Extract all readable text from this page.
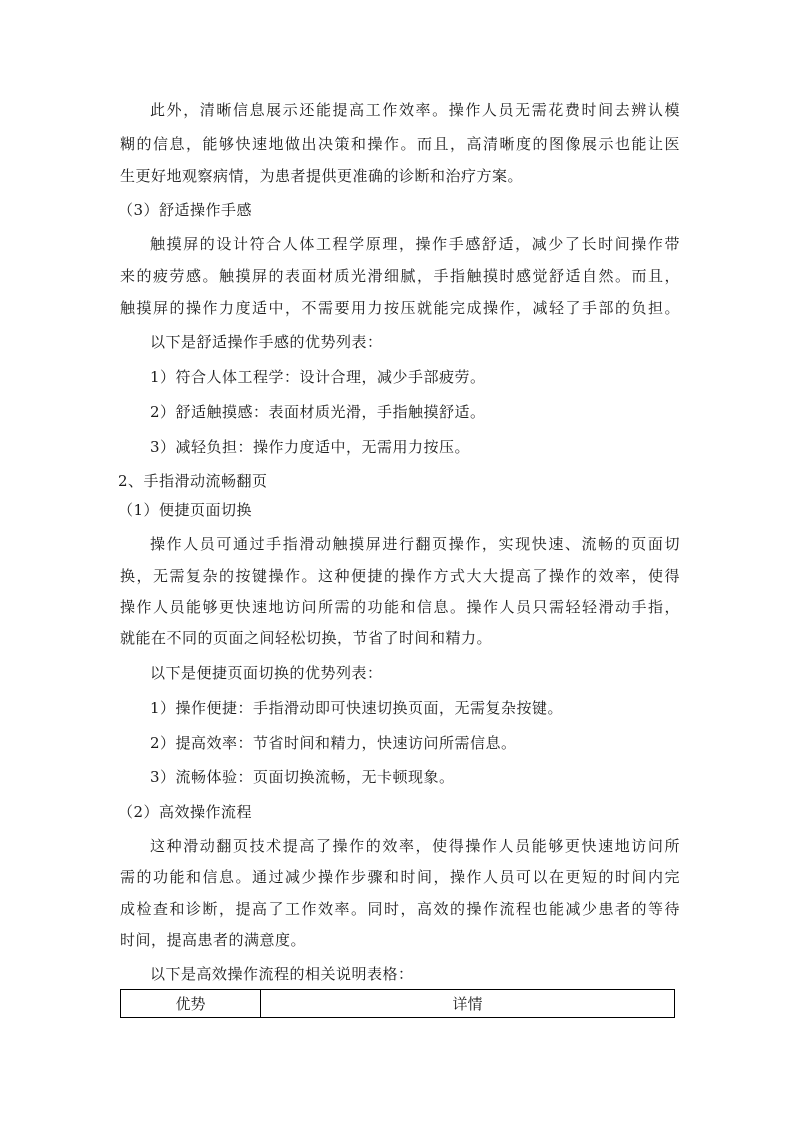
此外，清晰信息展示还能提高工作效率。操作人员无需花费时间去辨认模
糊的信息，能够快速地做出决策和操作。而且，高清晰度的图像展示也能让医
生更好地观察病情，为患者提供更准确的诊断和治疗方案。
（3）舒适操作手感
触摸屏的设计符合人体工程学原理，操作手感舒适，减少了长时间操作带
来的疲劳感。触摸屏的表面材质光滑细腻，手指触摸时感觉舒适自然。而且，
触摸屏的操作力度适中，不需要用力按压就能完成操作，减轻了手部的负担。
以下是舒适操作手感的优势列表：
1）符合人体工程学：设计合理，减少手部疲劳。
2）舒适触摸感：表面材质光滑，手指触摸舒适。
3）减轻负担：操作力度适中，无需用力按压。
2、手指滑动流畅翻页
（1）便捷页面切换
操作人员可通过手指滑动触摸屏进行翻页操作，实现快速、流畅的页面切
换，无需复杂的按键操作。这种便捷的操作方式大大提高了操作的效率，使得
操作人员能够更快速地访问所需的功能和信息。操作人员只需轻轻滑动手指，
就能在不同的页面之间轻松切换，节省了时间和精力。
以下是便捷页面切换的优势列表：
1）操作便捷：手指滑动即可快速切换页面，无需复杂按键。
2）提高效率：节省时间和精力，快速访问所需信息。
3）流畅体验：页面切换流畅，无卡顿现象。
（2）高效操作流程
这种滑动翻页技术提高了操作的效率，使得操作人员能够更快速地访问所
需的功能和信息。通过减少操作步骤和时间，操作人员可以在更短的时间内完
成检查和诊断，提高了工作效率。同时，高效的操作流程也能减少患者的等待
时间，提高患者的满意度。
以下是高效操作流程的相关说明表格：
优势	详情
